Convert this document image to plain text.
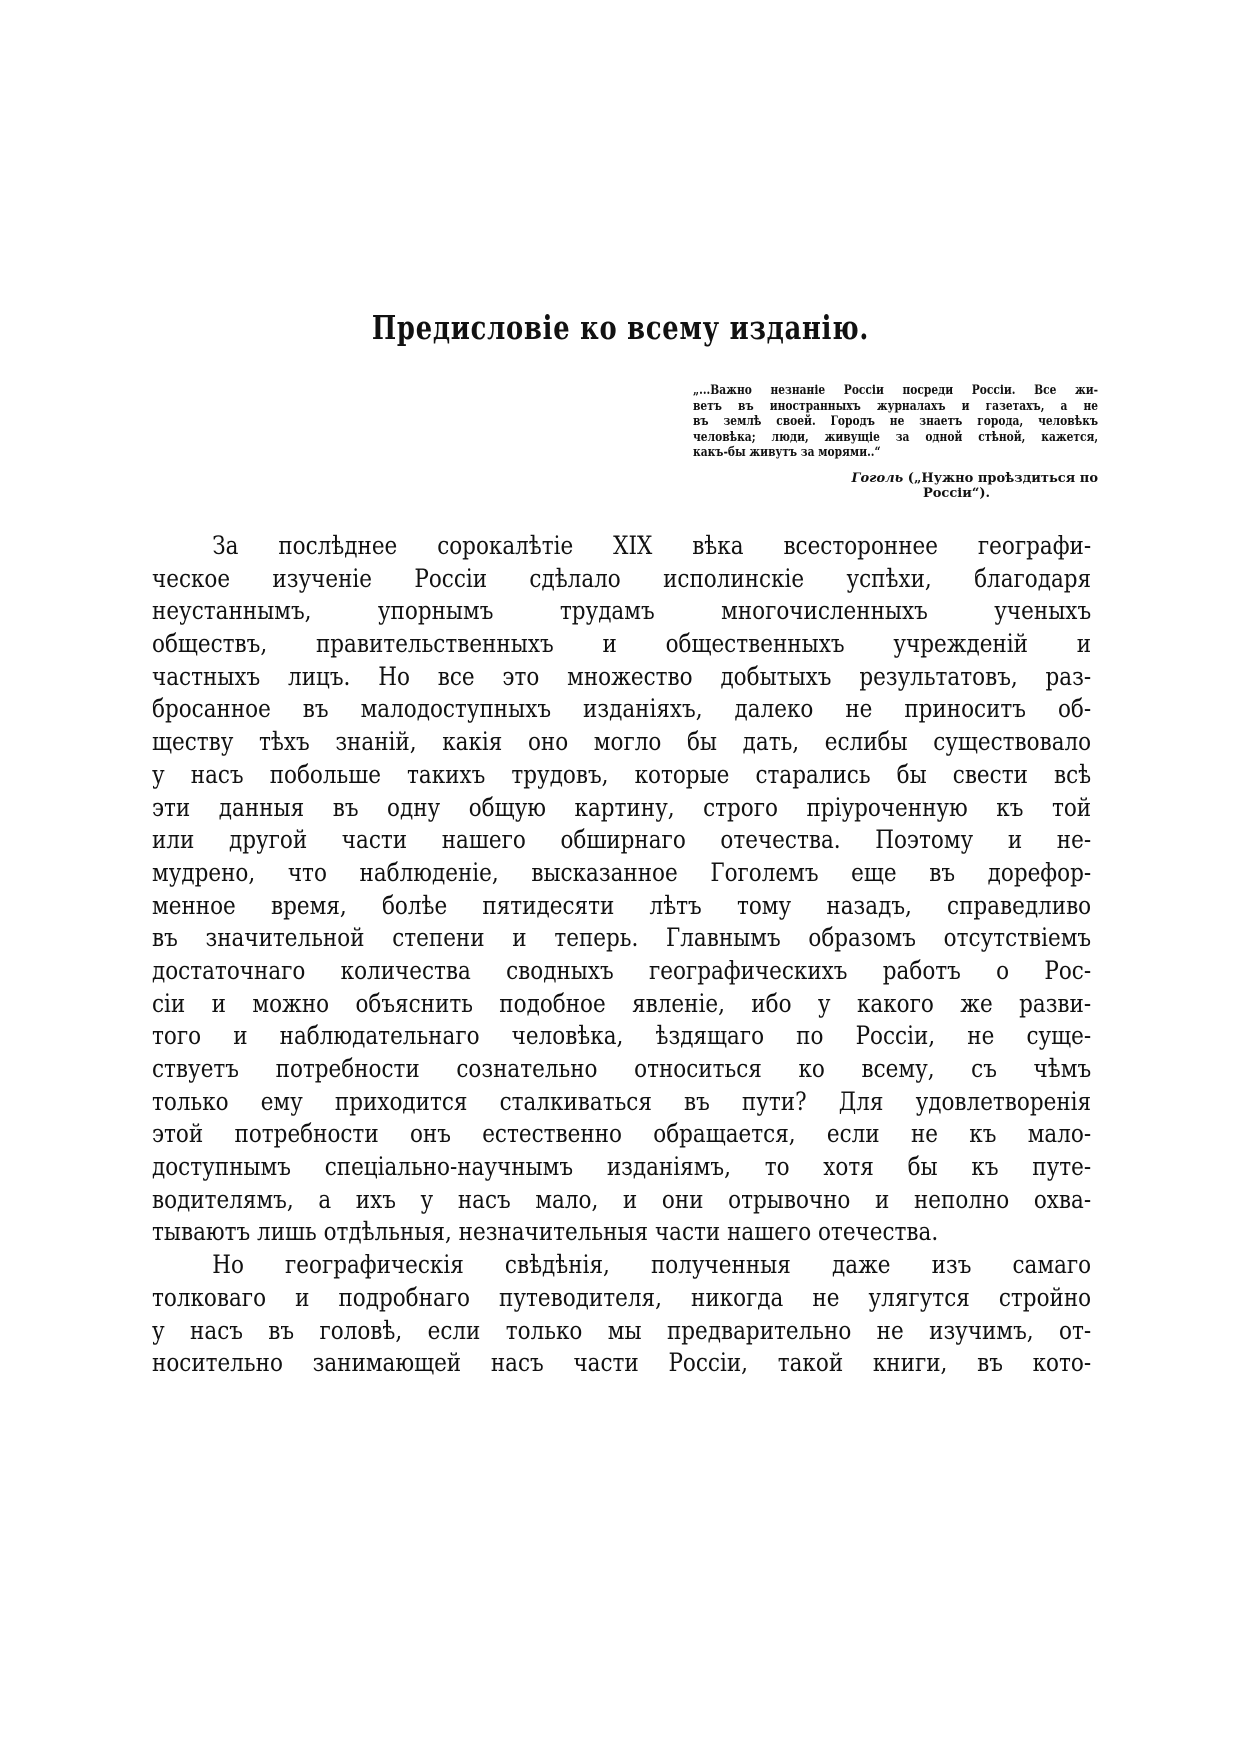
Предисловіе ко всему изданію.
„...Важно незнаніе Россіи посреди Россіи. Все жи-
ветъ въ иностранныхъ журналахъ и газетахъ, а не
въ землѣ своей. Городъ не знаетъ города, человѣкъ
человѣка; люди, живущіе за одной стѣной, кажется,
какъ-бы живутъ за морями..“
Гоголь („Нужно проѣздиться по
Россіи“).
За послѣднее сорокалѣтіе XIX вѣка всестороннее географи-
ческое изученіе Россіи сдѣлало исполинскіе успѣхи, благодаря
неустаннымъ, упорнымъ трудамъ многочисленныхъ ученыхъ
обществъ, правительственныхъ и общественныхъ учрежденій и
частныхъ лицъ. Но все это множество добытыхъ результатовъ, раз-
бросанное въ малодоступныхъ изданіяхъ, далеко не приноситъ об-
ществу тѣхъ знаній, какія оно могло бы дать, еслибы существовало
у насъ побольше такихъ трудовъ, которые старались бы свести всѣ
эти данныя въ одну общую картину, строго пріуроченную къ той
или другой части нашего обширнаго отечества. Поэтому и не-
мудрено, что наблюденіе, высказанное Гоголемъ еще въ дорефор-
менное время, болѣе пятидесяти лѣтъ тому назадъ, справедливо
въ значительной степени и теперь. Главнымъ образомъ отсутствіемъ
достаточнаго количества сводныхъ географическихъ работъ о Рос-
сіи и можно объяснить подобное явленіе, ибо у какого же разви-
того и наблюдательнаго человѣка, ѣздящаго по Россіи, не суще-
ствуетъ потребности сознательно относиться ко всему, съ чѣмъ
только ему приходится сталкиваться въ пути? Для удовлетворенія
этой потребности онъ естественно обращается, если не къ мало-
доступнымъ спеціально-научнымъ изданіямъ, то хотя бы къ путе-
водителямъ, а ихъ у насъ мало, и они отрывочно и неполно охва-
тываютъ лишь отдѣльныя, незначительныя части нашего отечества.
Но географическія свѣдѣнія, полученныя даже изъ самаго
толковаго и подробнаго путеводителя, никогда не улягутся стройно
у насъ въ головѣ, если только мы предварительно не изучимъ, от-
носительно занимающей насъ части Россіи, такой книги, въ кото-
